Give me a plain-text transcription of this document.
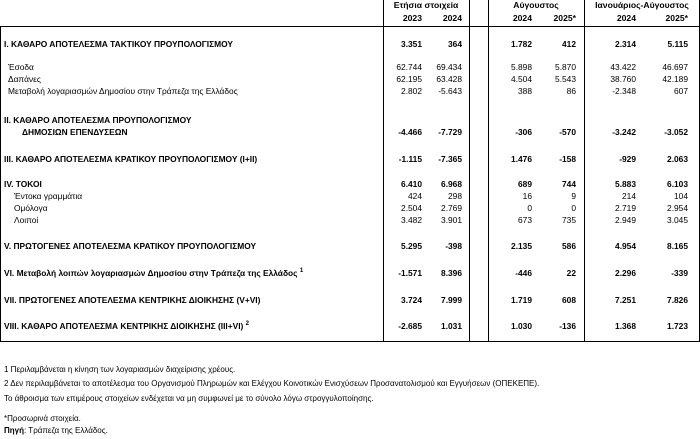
Ετήσια στοιχεία	Αύγουστος	Ιανουάριος-Αύγουστος
2023	2024	2024	2025*	2024	2025*
I. ΚΑΘΑΡΟ ΑΠΟΤΕΛΕΣΜΑ ΤΑΚΤΙΚΟΥ ΠΡΟΥΠΟΛΟΓΙΣΜΟΥ	3.351	364	1.782	412	2.314	5.115
Έσοδα	62.744	69.434	5.898	5.870	43.422	46.697
Δαπάνες	62.195	63.428	4.504	5.543	38.760	42.189
Μεταβολή λογαριασμών Δημοσίου στην Τράπεζα της Ελλάδος	2.802	-5.643	388	86	-2.348	607
II. ΚΑΘΑΡΟ ΑΠΟΤΕΛΕΣΜΑ ΠΡΟΥΠΟΛΟΓΙΣΜΟΥ
ΔΗΜΟΣΙΩΝ ΕΠΕΝΔΥΣΕΩΝ	-4.466	-7.729	-306	-570	-3.242	-3.052
III. ΚΑΘΑΡΟ ΑΠΟΤΕΛΕΣΜΑ ΚΡΑΤΙΚΟΥ ΠΡΟΥΠΟΛΟΓΙΣΜΟΥ (I+II)	-1.115	-7.365	1.476	-158	-929	2.063
IV. ΤΟΚΟΙ	6.410	6.968	689	744	5.883	6.103
Έντοκα γραμμάτια	424	298	16	9	214	104
Ομόλογα	2.504	2.769	0	0	2.719	2.954
Λοιποί	3.482	3.901	673	735	2.949	3.045
V. ΠΡΩΤΟΓΕΝΕΣ ΑΠΟΤΕΛΕΣΜΑ ΚΡΑΤΙΚΟΥ ΠΡΟΥΠΟΛΟΓΙΣΜΟΥ	5.295	-398	2.135	586	4.954	8.165
VI. Μεταβολή λοιπών λογαριασμών Δημοσίου στην Τράπεζα της Ελλάδος $^1$	-1.571	8.396	-446	22	2.296	-339
VII. ΠΡΩΤΟΓΕΝΕΣ ΑΠΟΤΕΛΕΣΜΑ ΚΕΝΤΡΙΚΗΣ ΔΙΟΙΚΗΣΗΣ (V+VI)	3.724	7.999	1.719	608	7.251	7.826
VIII. ΚΑΘΑΡΟ ΑΠΟΤΕΛΕΣΜΑ ΚΕΝΤΡΙΚΗΣ ΔΙΟΙΚΗΣΗΣ (III+VI) $^2$	-2.685	1.031	1.030	-136	1.368	1.723
1 Περιλαμβάνεται η κίνηση των λογαριασμών διαχείρισης χρέους.
2 Δεν περιλαμβάνεται το αποτέλεσμα του Οργανισμού Πληρωμών και Ελέγχου Κοινοτικών Ενισχύσεων Προσανατολισμού και Εγγυήσεων (ΟΠΕΚΕΠΕ).
Το άθροισμα των επιμέρους στοιχείων ενδέχεται να μη συμφωνεί με το σύνολο λόγω στρογγυλοποίησης.
*Προσωρινά στοιχεία.
Πηγή: Τράπεζα της Ελλάδος.
